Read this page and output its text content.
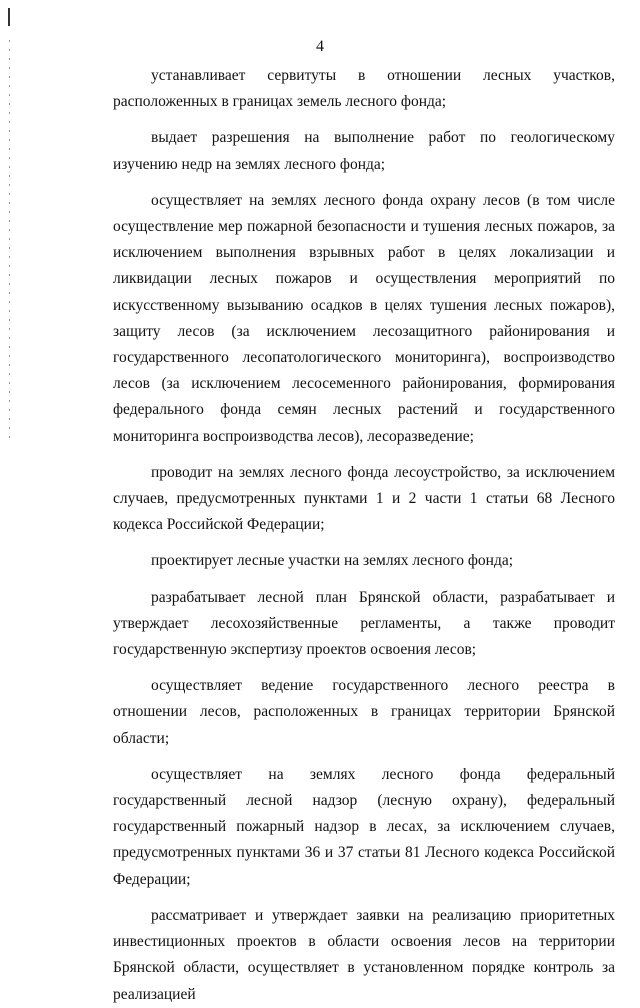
4

устанавливает сервитуты в отношении лесных участков, расположенных в границах земель лесного фонда;

выдает разрешения на выполнение работ по геологическому изучению недр на землях лесного фонда;

осуществляет на землях лесного фонда охрану лесов (в том числе осуществление мер пожарной безопасности и тушения лесных пожаров, за исключением выполнения взрывных работ в целях локализации и ликвидации лесных пожаров и осуществления мероприятий по искусственному вызыванию осадков в целях тушения лесных пожаров), защиту лесов (за исключением лесозащитного районирования и государственного лесопатологического мониторинга), воспроизводство лесов (за исключением лесосеменного районирования, формирования федерального фонда семян лесных растений и государственного мониторинга воспроизводства лесов), лесоразведение;

проводит на землях лесного фонда лесоустройство, за исключением случаев, предусмотренных пунктами 1 и 2 части 1 статьи 68 Лесного кодекса Российской Федерации;

проектирует лесные участки на землях лесного фонда;

разрабатывает лесной план Брянской области, разрабатывает и утверждает лесохозяйственные регламенты, а также проводит государственную экспертизу проектов освоения лесов;

осуществляет ведение государственного лесного реестра в отношении лесов, расположенных в границах территории Брянской области;

осуществляет на землях лесного фонда федеральный государственный лесной надзор (лесную охрану), федеральный государственный пожарный надзор в лесах, за исключением случаев, предусмотренных пунктами 36 и 37 статьи 81 Лесного кодекса Российской Федерации;

рассматривает и утверждает заявки на реализацию приоритетных инвестиционных проектов в области освоения лесов на территории Брянской области, осуществляет в установленном порядке контроль за реализацией
